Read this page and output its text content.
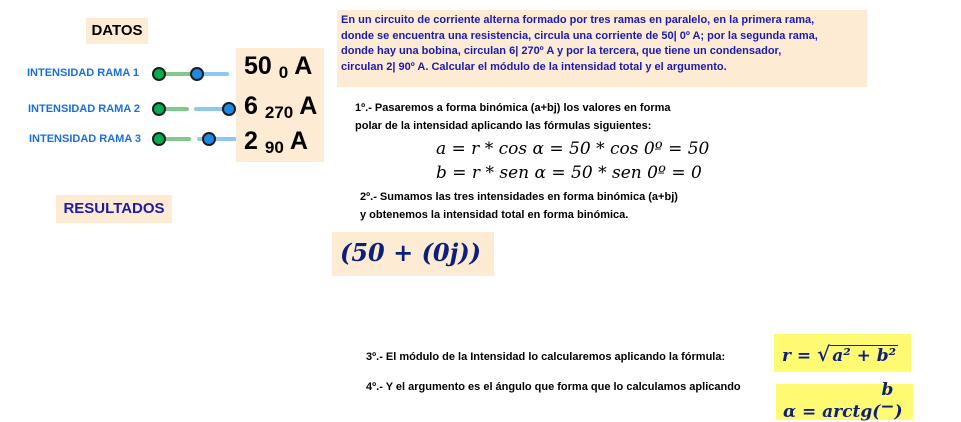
DATOS
INTENSIDAD RAMA 1
INTENSIDAD RAMA 2
INTENSIDAD RAMA 3
50 0 A
6 270 A
2 90 A
RESULTADOS
En un circuito de corriente alterna formado por tres ramas en paralelo, en la primera rama,
donde se encuentra una resistencia, circula una corriente de 50| 0º A; por la segunda rama,
donde hay una bobina, circulan 6| 270º A y por la tercera, que tiene un condensador,
circulan 2| 90º A. Calcular el módulo de la intensidad total y el argumento.
1º.- Pasaremos a forma binómica (a+bj) los valores en forma
polar de la intensidad aplicando las fórmulas siguientes:
a = r * cos α = 50 * cos 0º = 50
b = r * sen α = 50 * sen 0º = 0
2º.- Sumamos las tres intensidades en forma binómica (a+bj)
y obtenemos la intensidad total en forma binómica.
(50 + (0j))
3º.- El módulo de la Intensidad lo calcularemos aplicando la fórmula:	r = √ a² + b²
4º.- Y el argumento es el ángulo que forma que lo calculamos aplicando
α = arctg(
b
− )
